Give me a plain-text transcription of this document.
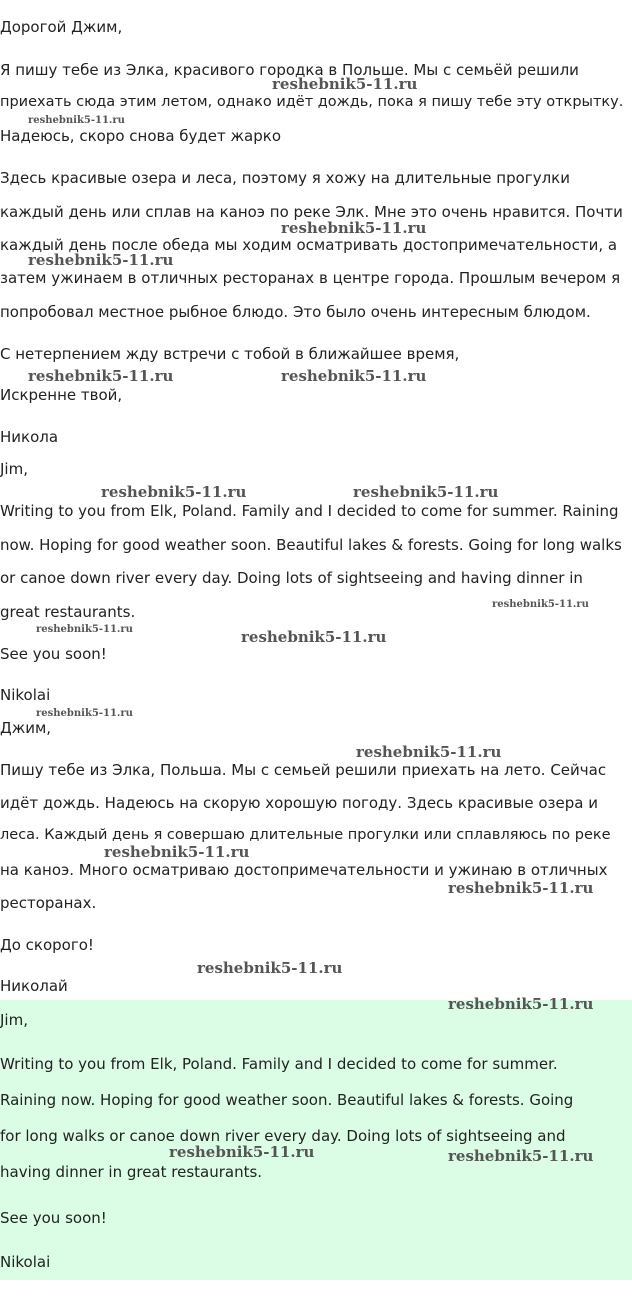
Дорогой Джим,
Я пишу тебе из Элка, красивого городка в Польше. Мы с семьёй решили
приехать сюда этим летом, однако идёт дождь, пока я пишу тебе эту открытку.
Надеюсь, скоро снова будет жарко
Здесь красивые озера и леса, поэтому я хожу на длительные прогулки
каждый день или сплав на каноэ по реке Элк. Мне это очень нравится. Почти
каждый день после обеда мы ходим осматривать достопримечательности, а
затем ужинаем в отличных ресторанах в центре города. Прошлым вечером я
попробовал местное рыбное блюдо. Это было очень интересным блюдом.
С нетерпением жду встречи с тобой в ближайшее время,
Искренне твой,
Никола
Jim,
Writing to you from Elk, Poland. Family and I decided to come for summer. Raining
now. Hoping for good weather soon. Beautiful lakes & forests. Going for long walks
or canoe down river every day. Doing lots of sightseeing and having dinner in
great restaurants.
See you soon!
Nikolai
Джим,
Пишу тебе из Элка, Польша. Мы с семьей решили приехать на лето. Сейчас
идёт дождь. Надеюсь на скорую хорошую погоду. Здесь красивые озера и
леса. Каждый день я совершаю длительные прогулки или сплавляюсь по реке
на каноэ. Много осматриваю достопримечательности и ужинаю в отличных
ресторанах.
До скорого!
Николай
Jim,
Writing to you from Elk, Poland. Family and I decided to come for summer.
Raining now. Hoping for good weather soon. Beautiful lakes & forests. Going
for long walks or canoe down river every day. Doing lots of sightseeing and
having dinner in great restaurants.
See you soon!
Nikolai
reshebnik5-11.ru
reshebnik5-11.ru
reshebnik5-11.ru
reshebnik5-11.ru
reshebnik5-11.ru	reshebnik5-11.ru
reshebnik5-11.ru	reshebnik5-11.ru
reshebnik5-11.ru
reshebnik5-11.ru	reshebnik5-11.ru
reshebnik5-11.ru
reshebnik5-11.ru
reshebnik5-11.ru
reshebnik5-11.ru
reshebnik5-11.ru
reshebnik5-11.ru
reshebnik5-11.ru	reshebnik5-11.ru
